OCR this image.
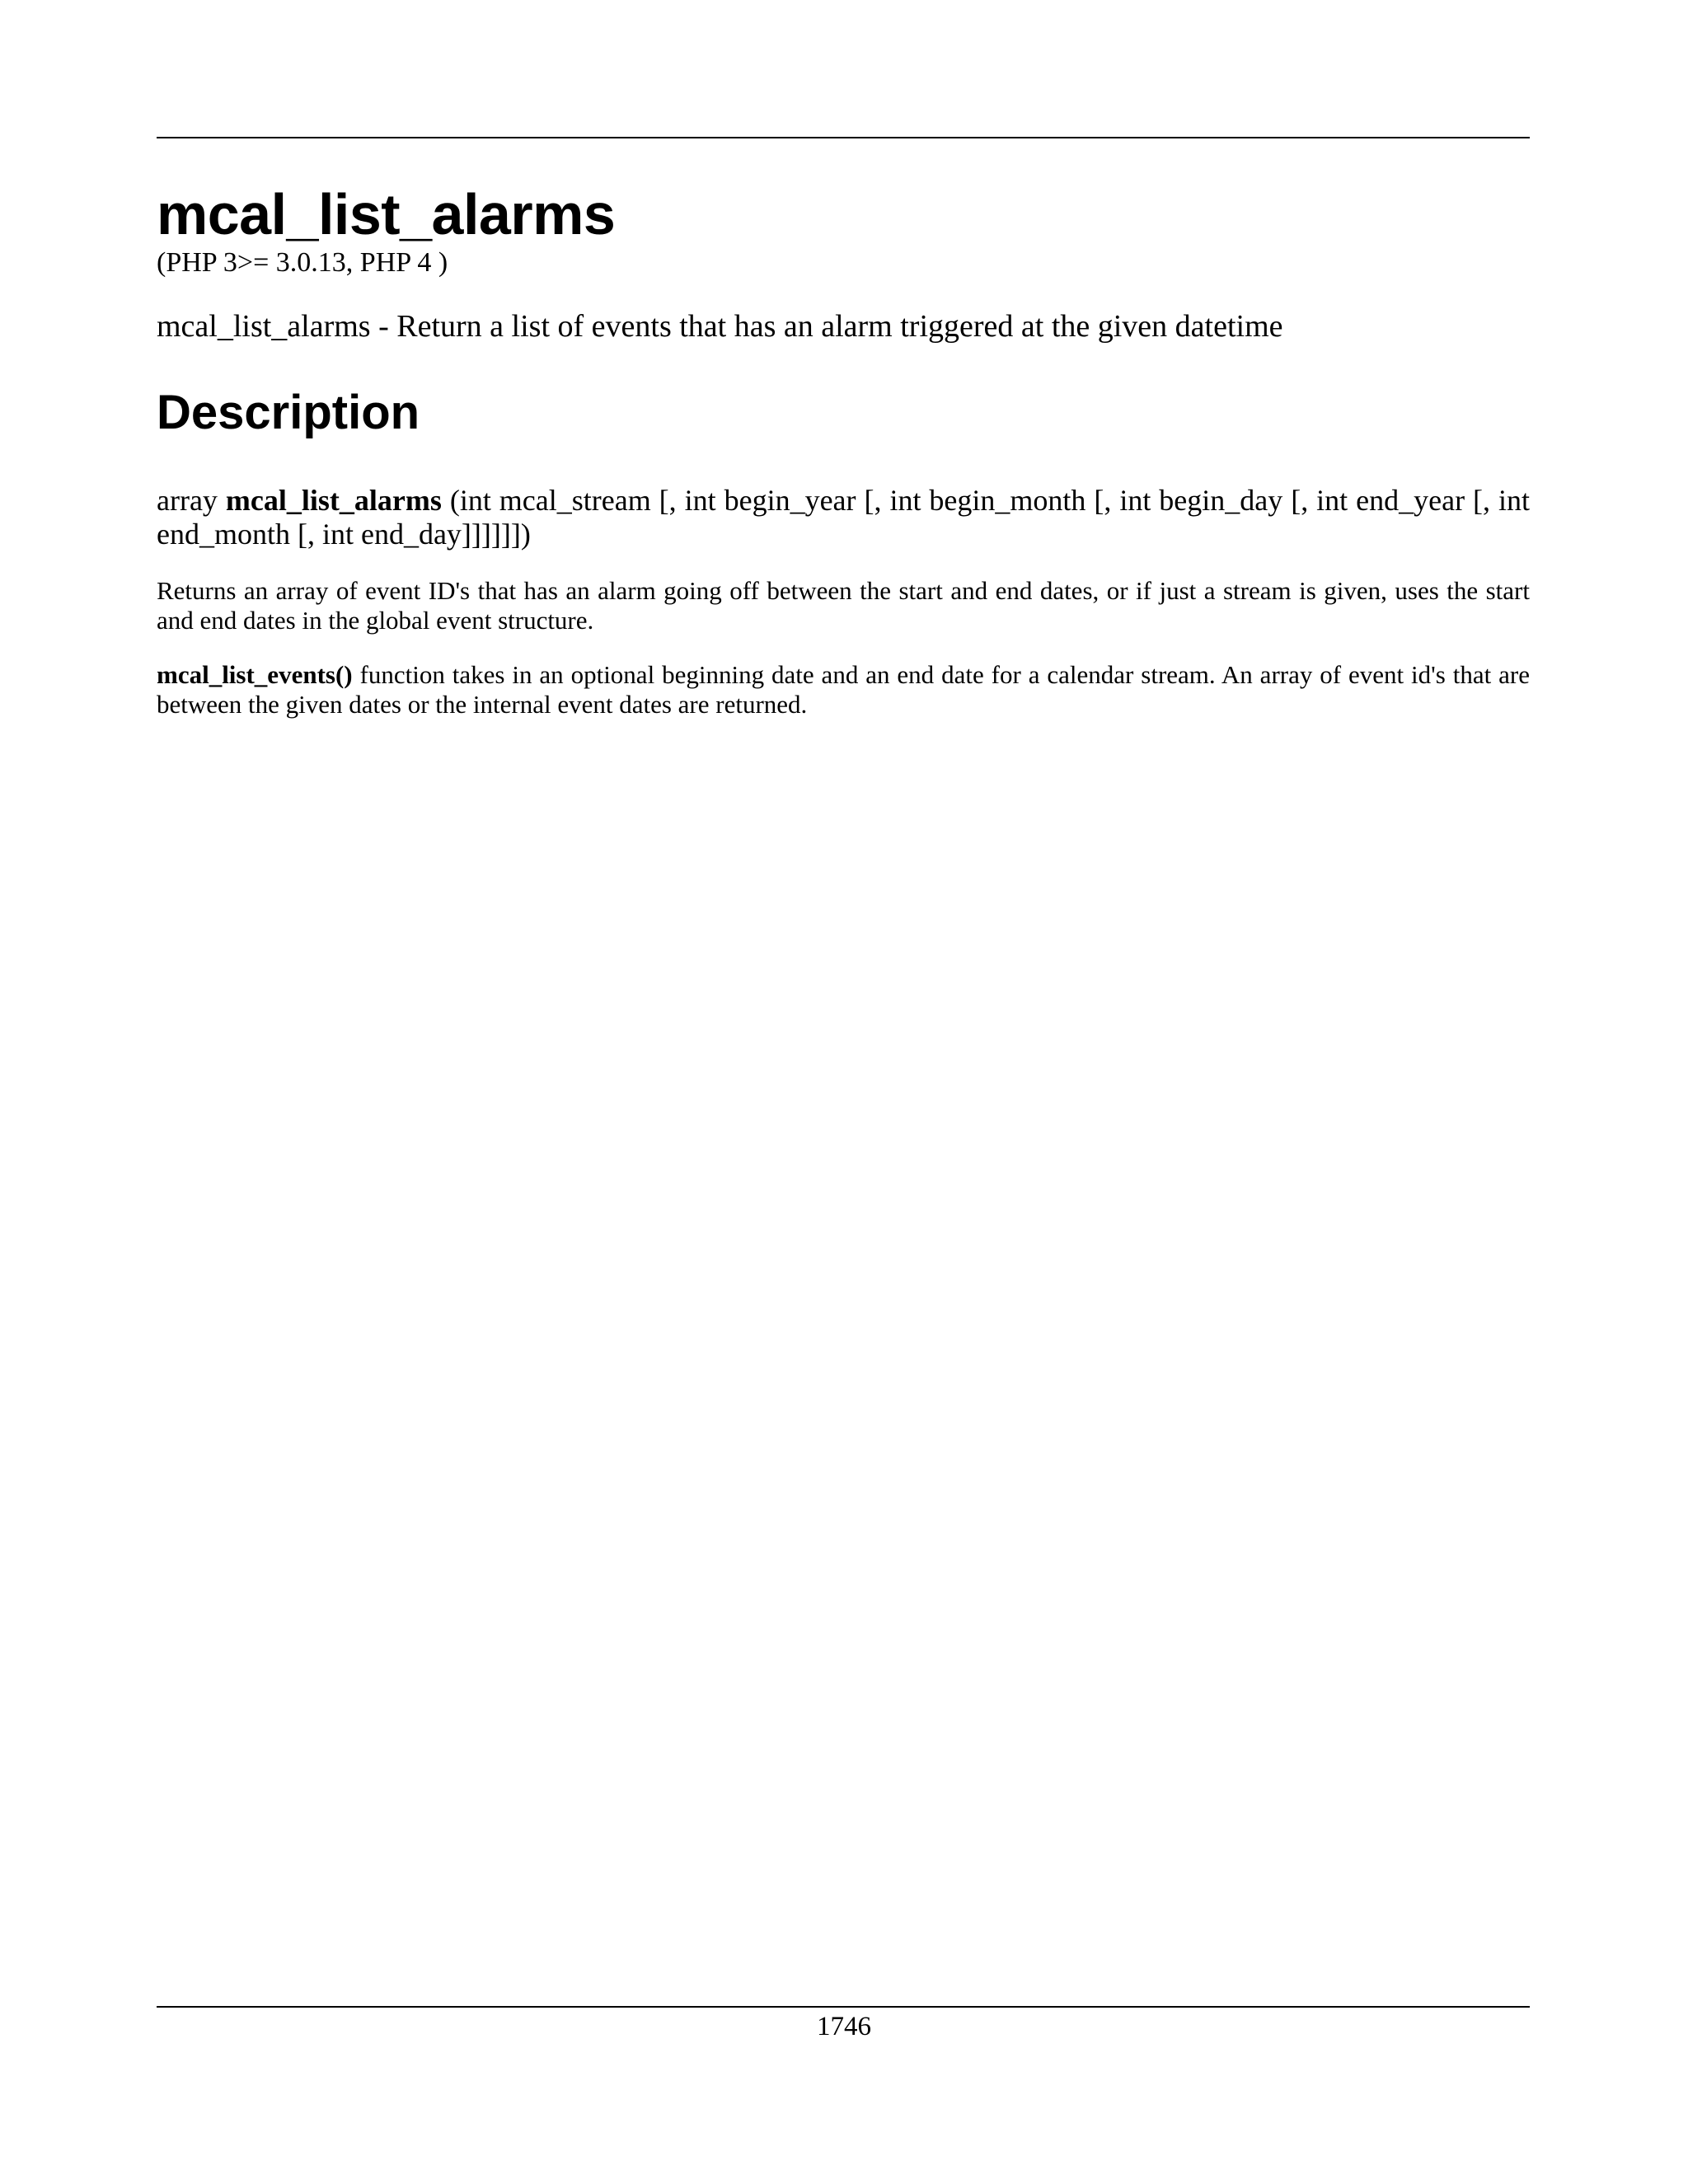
mcal_list_alarms

(PHP 3>= 3.0.13, PHP 4 )

mcal_list_alarms - Return a list of events that has an alarm triggered at the given datetime

Description

array mcal_list_alarms (int mcal_stream [, int begin_year [, int begin_month [, int begin_day [, int end_year [, int end_month [, int end_day]]]]]])

Returns an array of event ID's that has an alarm going off between the start and end dates, or if just a stream is given, uses the start and end dates in the global event structure.

mcal_list_events() function takes in an optional beginning date and an end date for a calendar stream. An array of event id's that are between the given dates or the internal event dates are returned.

1746
